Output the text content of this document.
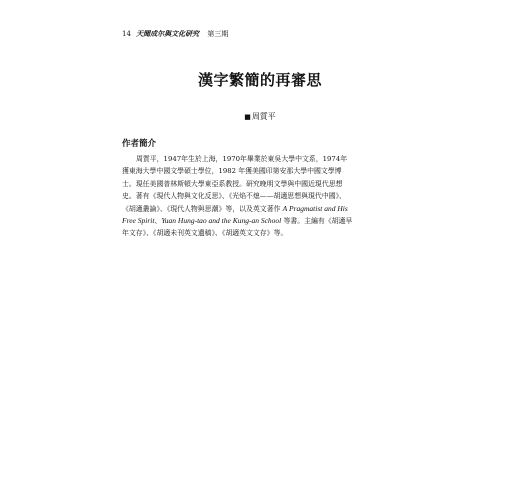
14 天聞成尔與文化研究 第三期
漢字繁簡的再審思
■周質平
作者簡介
周質平，1947年生於上海，1970年畢業於東吳大學中文系，1974年
獲東海大學中國文學碩士學位，1982 年獲美國印第安那大學中國文學博
士。現任美國普林斯頓大學東亞系教授。研究晚明文學與中國近現代思想
史。著有《現代人物與文化反思》、《光焰不熄——胡適思想與現代中國》、
《胡適叢論》、《現代人物與思潮》等，以及英文著作 A Pragmatist and His
Free Spirit、Yuan Hung-tao and the Kung-an School 等書。主編有《胡適早
年文存》、《胡適未刊英文遺稿》、《胡適英文文存》等。
